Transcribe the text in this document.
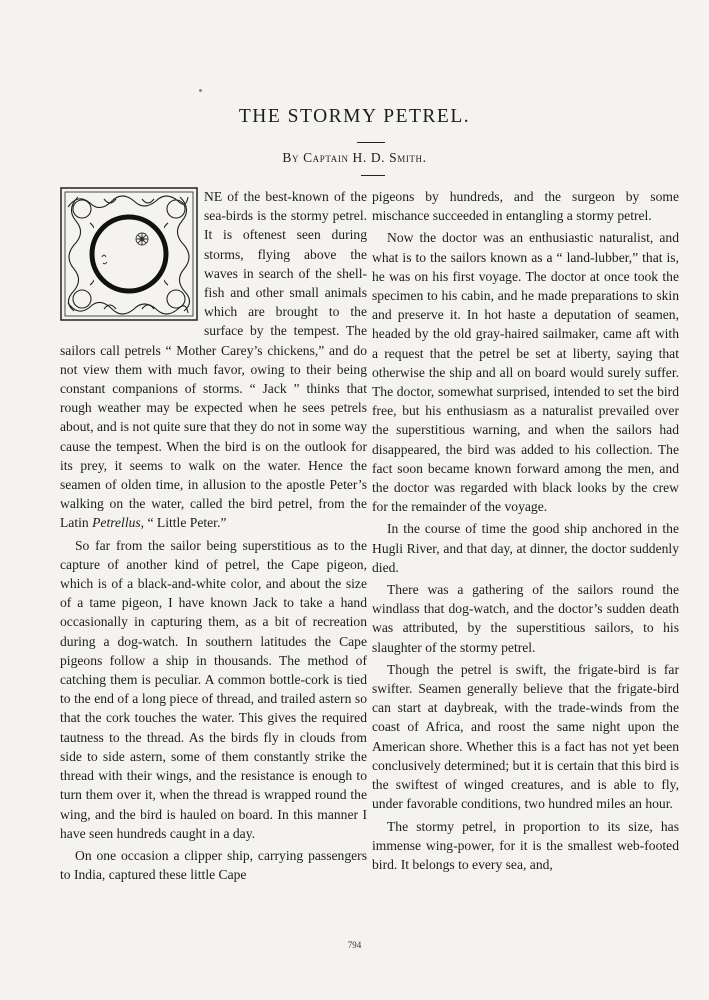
THE STORMY PETREL.
By Captain H. D. Smith.

NE of the best-known of the sea-birds is the stormy petrel. It is oftenest seen during storms, flying above the waves in search of the shell-fish and other small animals which are brought to the surface by the tempest. The sailors call petrels “ Mother Carey’s chickens,” and do not view them with much favor, owing to their being constant companions of storms. “ Jack ” thinks that rough weather may be expected when he sees petrels about, and is not quite sure that they do not in some way cause the tempest. When the bird is on the outlook for its prey, it seems to walk on the water. Hence the seamen of olden time, in allusion to the apostle Peter’s walking on the water, called the bird petrel, from the Latin Petrellus, “ Little Peter.”

So far from the sailor being superstitious as to the capture of another kind of petrel, the Cape pigeon, which is of a black-and-white color, and about the size of a tame pigeon, I have known Jack to take a hand occasionally in capturing them, as a bit of recreation during a dog-watch. In southern latitudes the Cape pigeons follow a ship in thousands. The method of catching them is peculiar. A common bottle-cork is tied to the end of a long piece of thread, and trailed astern so that the cork touches the water. This gives the required tautness to the thread. As the birds fly in clouds from side to side astern, some of them constantly strike the thread with their wings, and the resistance is enough to turn them over it, when the thread is wrapped round the wing, and the bird is hauled on board. In this manner I have seen hundreds caught in a day.

On one occasion a clipper ship, carrying passengers to India, captured these little Cape

pigeons by hundreds, and the surgeon by some mischance succeeded in entangling a stormy petrel.

Now the doctor was an enthusiastic naturalist, and what is to the sailors known as a “ land-lubber,” that is, he was on his first voyage. The doctor at once took the specimen to his cabin, and he made preparations to skin and preserve it. In hot haste a deputation of seamen, headed by the old gray-haired sailmaker, came aft with a request that the petrel be set at liberty, saying that otherwise the ship and all on board would surely suffer. The doctor, somewhat surprised, intended to set the bird free, but his enthusiasm as a naturalist prevailed over the superstitious warning, and when the sailors had disappeared, the bird was added to his collection. The fact soon became known forward among the men, and the doctor was regarded with black looks by the crew for the remainder of the voyage.

In the course of time the good ship anchored in the Hugli River, and that day, at dinner, the doctor suddenly died.

There was a gathering of the sailors round the windlass that dog-watch, and the doctor’s sudden death was attributed, by the superstitious sailors, to his slaughter of the stormy petrel.

Though the petrel is swift, the frigate-bird is far swifter. Seamen generally believe that the frigate-bird can start at daybreak, with the trade-winds from the coast of Africa, and roost the same night upon the American shore. Whether this is a fact has not yet been conclusively determined; but it is certain that this bird is the swiftest of winged creatures, and is able to fly, under favorable conditions, two hundred miles an hour.

The stormy petrel, in proportion to its size, has immense wing-power, for it is the smallest web-footed bird. It belongs to every sea, and,

794
